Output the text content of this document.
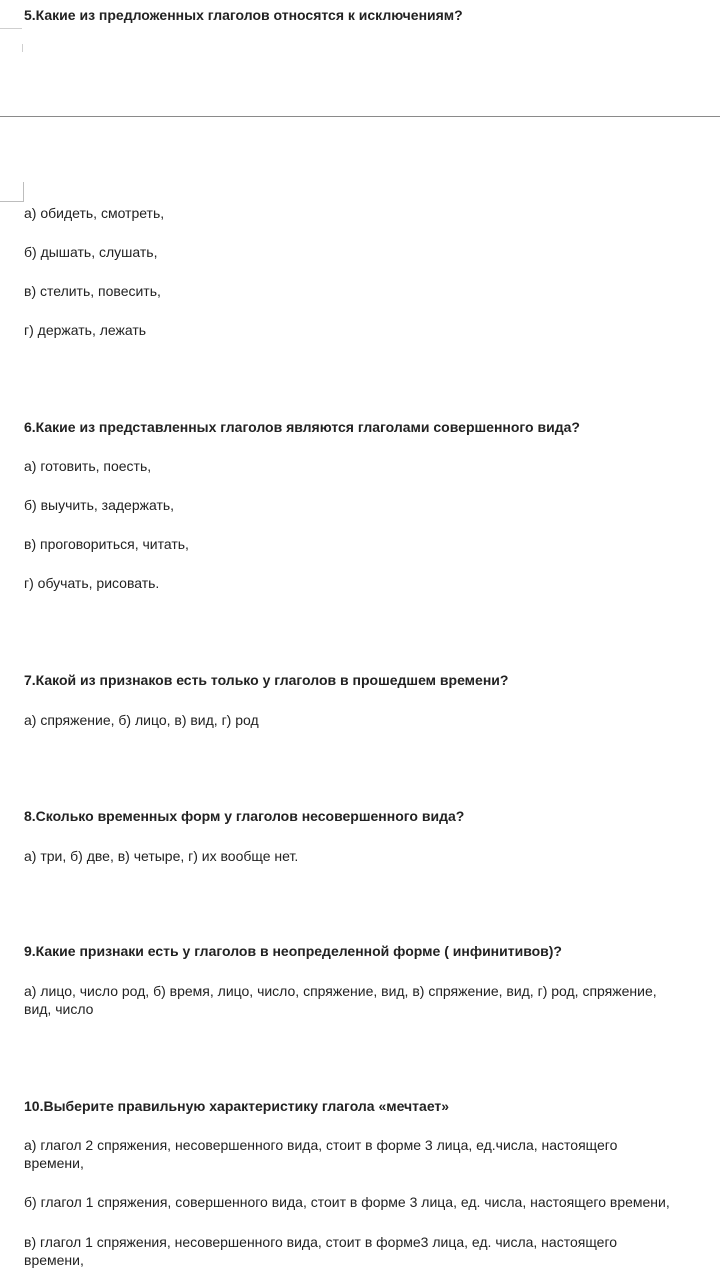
5.Какие из предложенных глаголов относятся к исключениям?
а) обидеть, смотреть,
б) дышать, слушать,
в) стелить, повесить,
г) держать, лежать
6.Какие из представленных глаголов являются глаголами совершенного вида?
а) готовить, поесть,
б) выучить, задержать,
в) проговориться, читать,
г) обучать, рисовать.
7.Какой из признаков есть только у глаголов в прошедшем времени?
а) спряжение, б) лицо, в) вид, г) род
8.Сколько временных форм у глаголов несовершенного вида?
а) три, б) две, в) четыре, г) их вообще нет.
9.Какие признаки есть у глаголов в неопределенной форме ( инфинитивов)?
а) лицо, число род, б) время, лицо, число, спряжение, вид, в) спряжение, вид, г) род, спряжение,
вид, число
10.Выберите правильную характеристику глагола «мечтает»
а) глагол 2 спряжения, несовершенного вида, стоит в форме 3 лица, ед.числа, настоящего
времени,
б) глагол 1 спряжения, совершенного вида, стоит в форме 3 лица, ед. числа, настоящего времени,
в) глагол 1 спряжения, несовершенного вида, стоит в форме3 лица, ед. числа, настоящего
времени,
